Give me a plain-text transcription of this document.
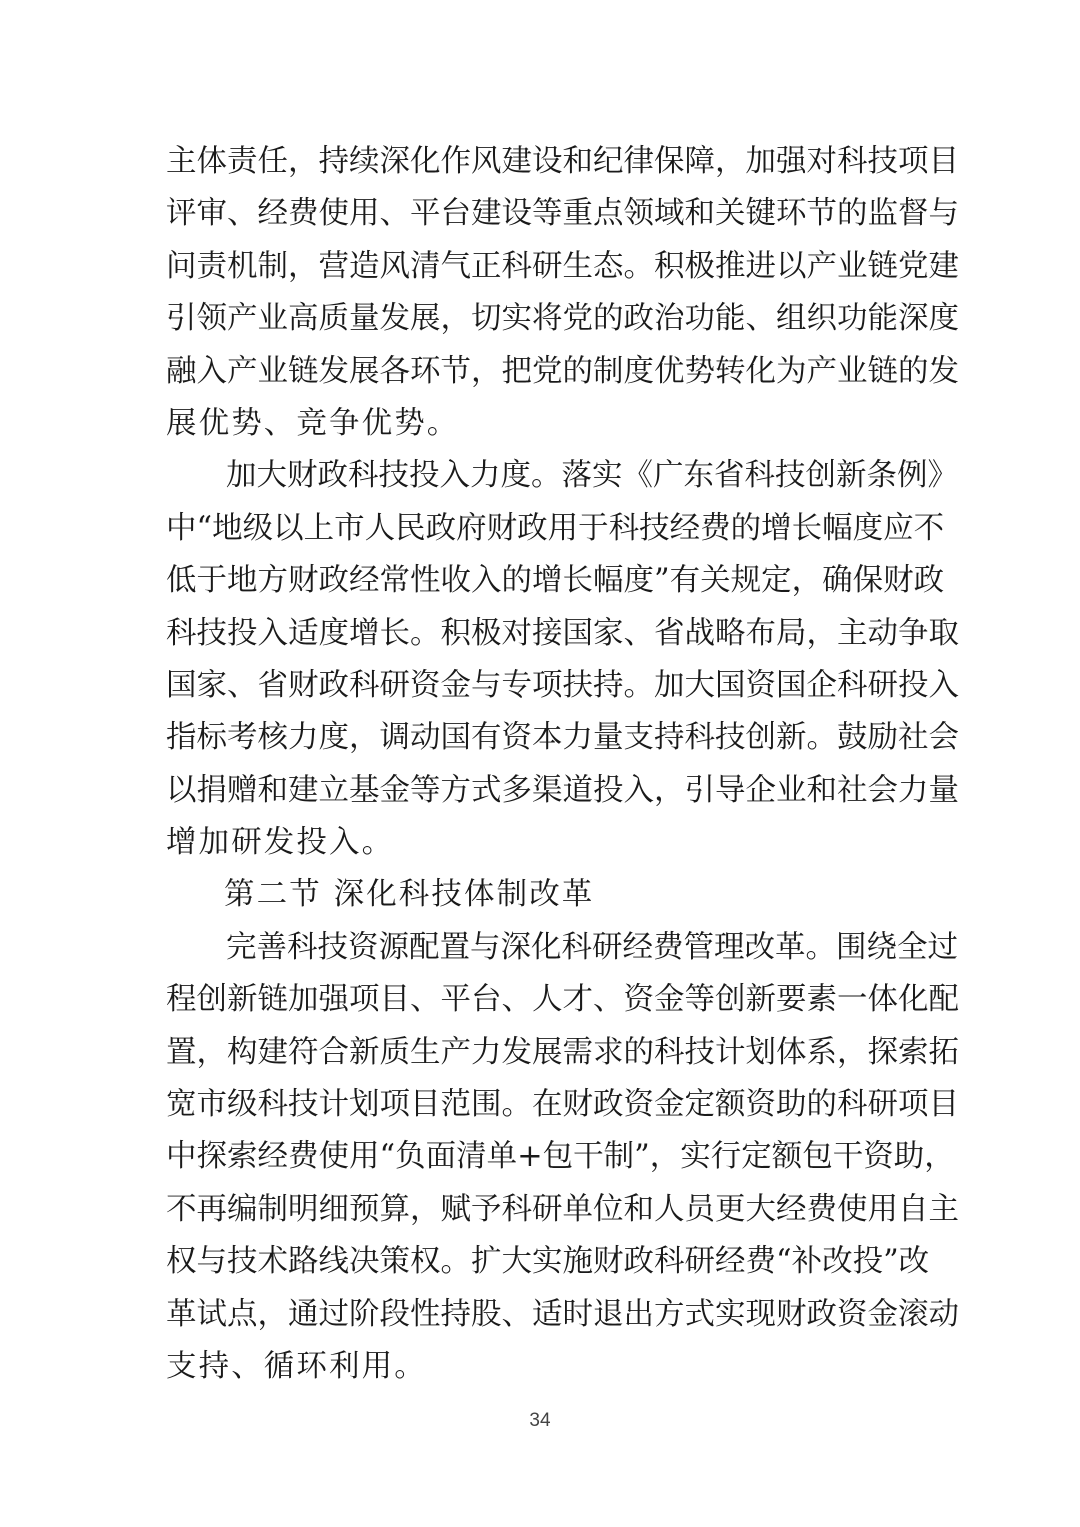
主体责任，持续深化作风建设和纪律保障，加强对科技项目
评审、经费使用、平台建设等重点领域和关键环节的监督与
问责机制，营造风清气正科研生态。积极推进以产业链党建
引领产业高质量发展，切实将党的政治功能、组织功能深度
融入产业链发展各环节，把党的制度优势转化为产业链的发
展优势、竞争优势。
加大财政科技投入力度。落实《广东省科技创新条例》
中“地级以上市人民政府财政用于科技经费的增长幅度应不
低于地方财政经常性收入的增长幅度”有关规定，确保财政
科技投入适度增长。积极对接国家、省战略布局，主动争取
国家、省财政科研资金与专项扶持。加大国资国企科研投入
指标考核力度，调动国有资本力量支持科技创新。鼓励社会
以捐赠和建立基金等方式多渠道投入，引导企业和社会力量
增加研发投入。
第二节 深化科技体制改革
完善科技资源配置与深化科研经费管理改革。围绕全过
程创新链加强项目、平台、人才、资金等创新要素一体化配
置，构建符合新质生产力发展需求的科技计划体系，探索拓
宽市级科技计划项目范围。在财政资金定额资助的科研项目
中探索经费使用“负面清单+包干制”，实行定额包干资助，
不再编制明细预算，赋予科研单位和人员更大经费使用自主
权与技术路线决策权。扩大实施财政科研经费“补改投”改
革试点，通过阶段性持股、适时退出方式实现财政资金滚动
支持、循环利用。
34
